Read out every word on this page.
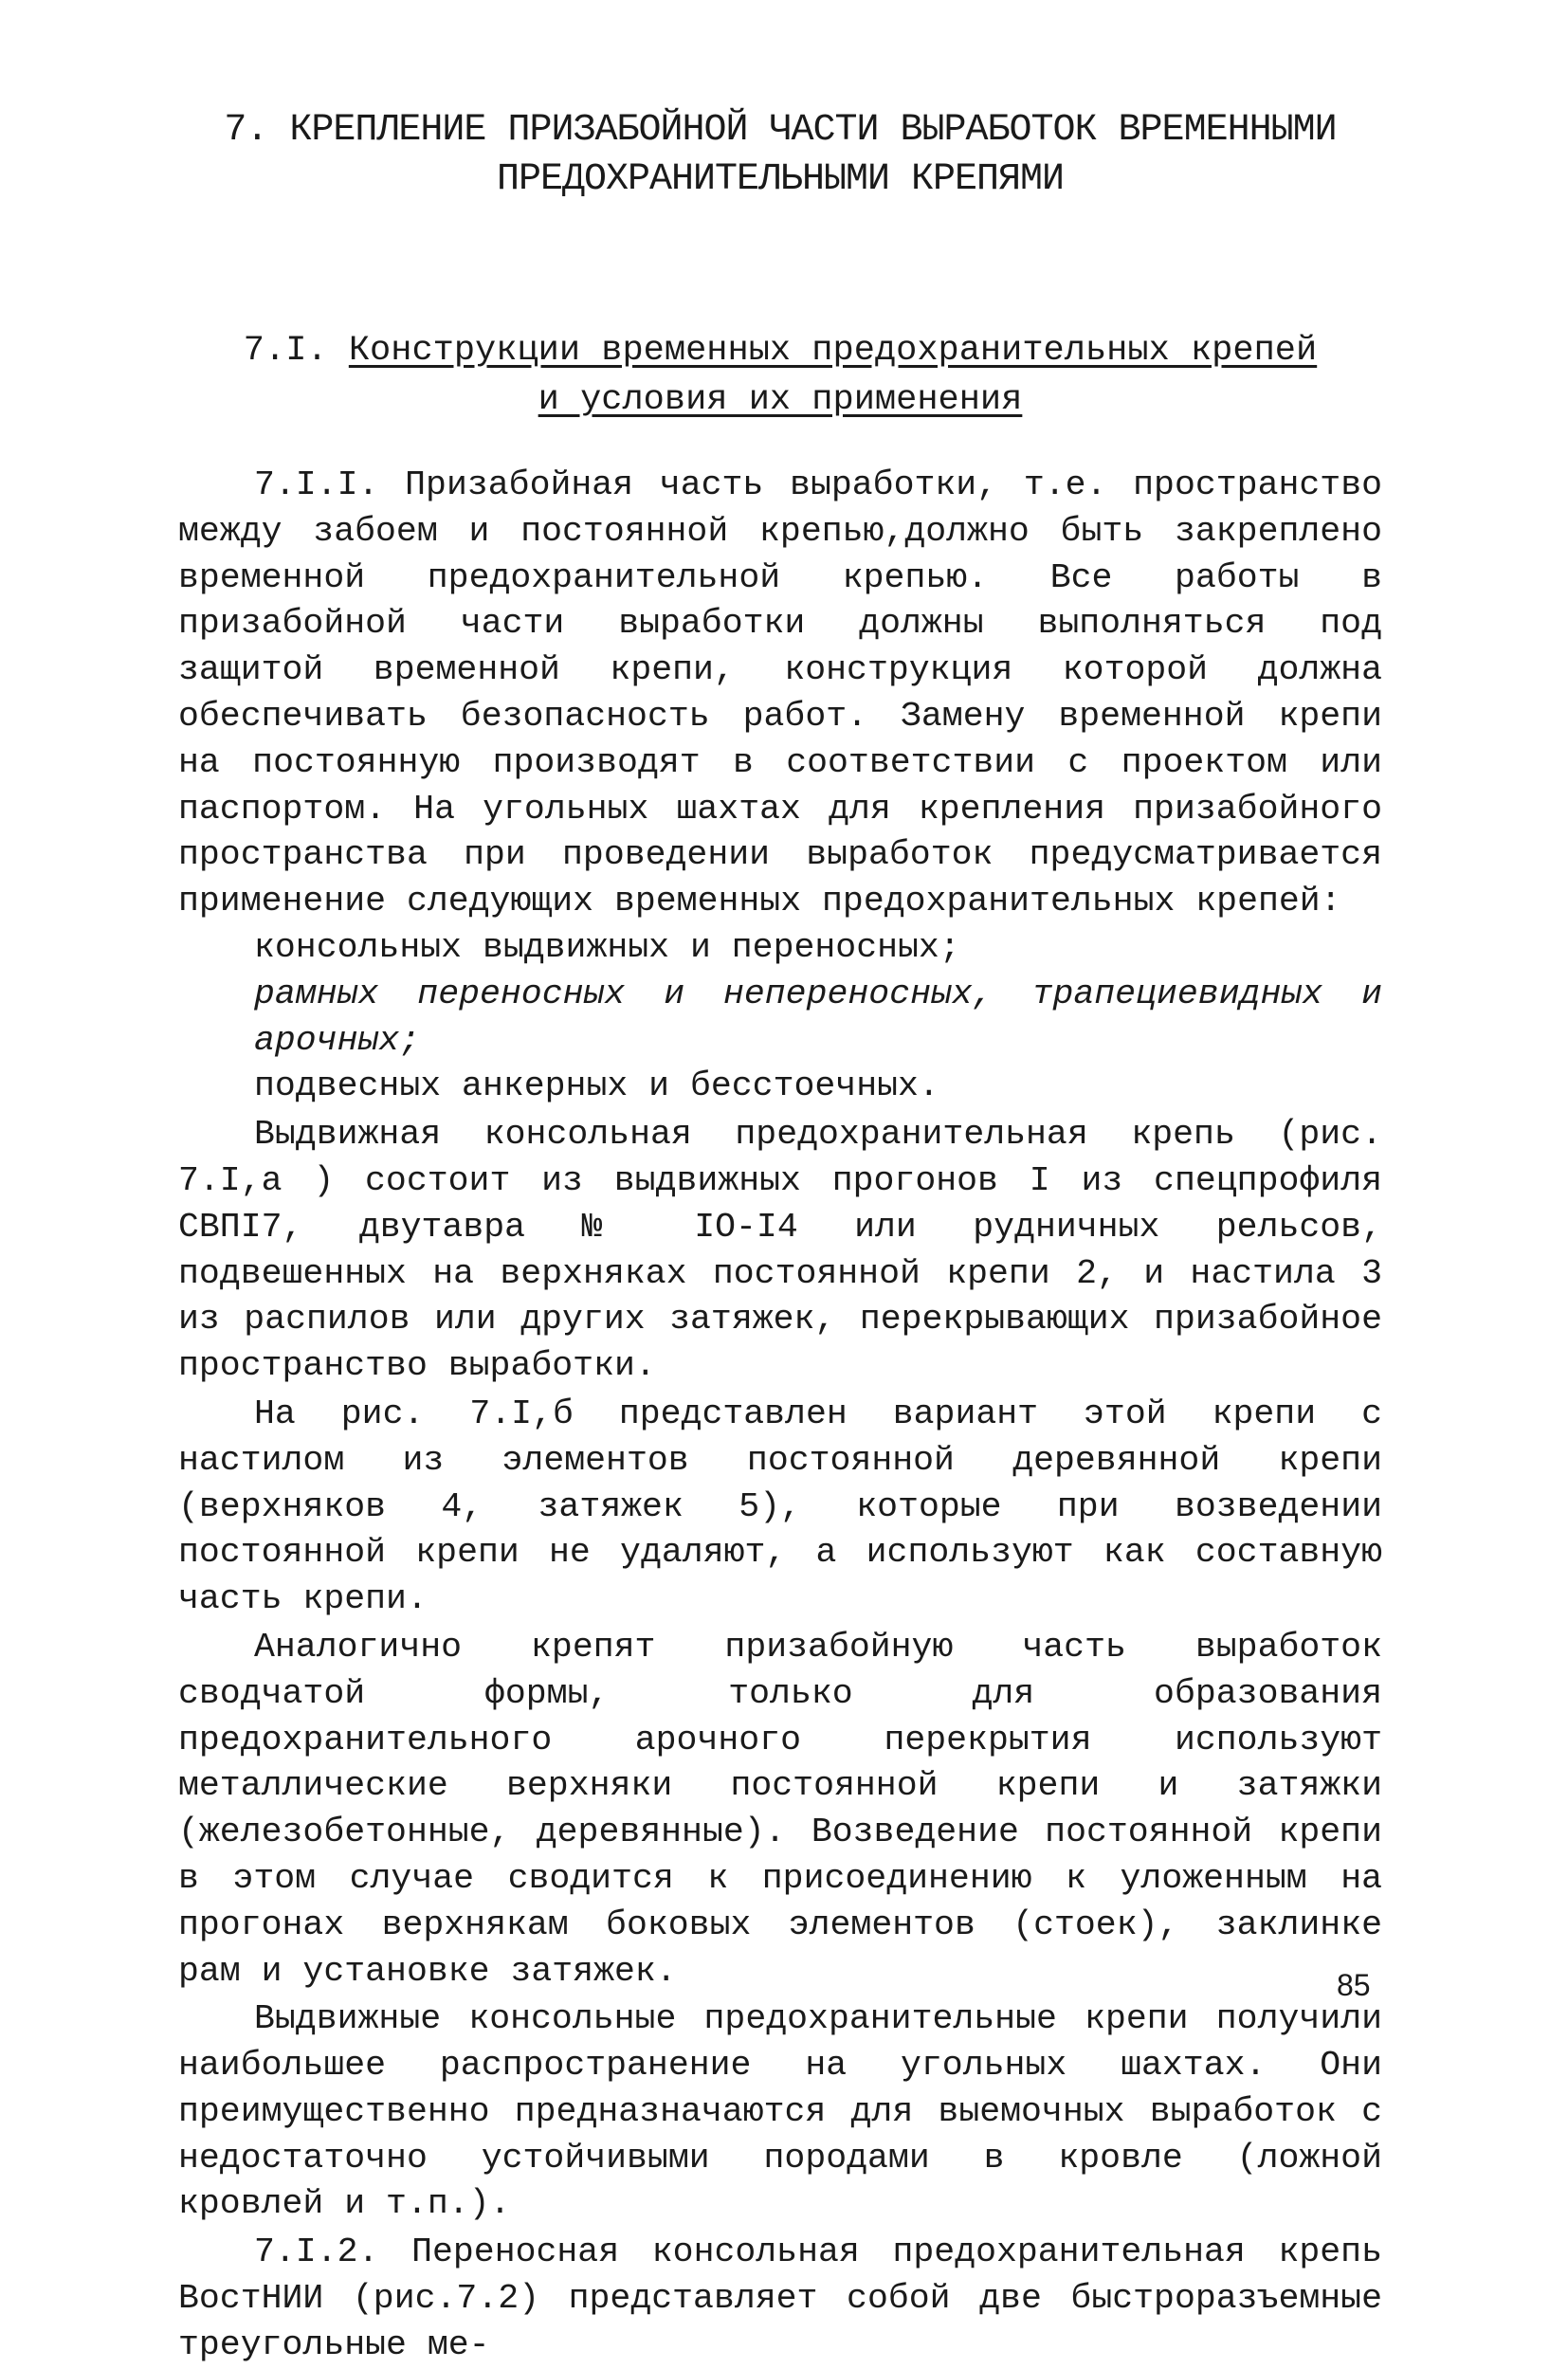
7. КРЕПЛЕНИЕ ПРИЗАБОЙНОЙ ЧАСТИ ВЫРАБОТОК ВРЕМЕННЫМИ
ПРЕДОХРАНИТЕЛЬНЫМИ КРЕПЯМИ
7.I. Конструкции временных предохранительных крепей
и условия их применения

7.I.I. Призабойная часть выработки, т.е. пространство между забоем и постоянной крепью,должно быть закреплено временной предохранительной крепью. Все работы в призабойной части выработки должны выполняться под защитой временной крепи, конструкция которой должна обеспечивать безопасность работ. Замену временной крепи на постоянную производят в соответствии с проектом или паспортом. На угольных шахтах для крепления призабойного пространства при проведении выработок предусматривается применение следующих временных предохранительных крепей:

консольных выдвижных и переносных;

рамных переносных и непереносных, трапециевидных и арочных;

подвесных анкерных и бесстоечных.

Выдвижная консольная предохранительная крепь (рис. 7.I,а ) состоит из выдвижных прогонов I из спецпрофиля СВПI7, двутавра № IO-I4 или рудничных рельсов, подвешенных на верхняках постоянной крепи 2, и настила 3 из распилов или других затяжек, перекрывающих призабойное пространство выработки.

На рис. 7.I,б представлен вариант этой крепи с настилом из элементов постоянной деревянной крепи (верхняков 4, затяжек 5), которые при возведении постоянной крепи не удаляют, а используют как составную часть крепи.

Аналогично крепят призабойную часть выработок сводчатой формы, только для образования предохранительного арочного перекрытия используют металлические верхняки постоянной крепи и затяжки (железобетонные, деревянные). Возведение постоянной крепи в этом случае сводится к присоединению к уложенным на прогонах верхнякам боковых элементов (стоек), заклинке рам и установке затяжек.

Выдвижные консольные предохранительные крепи получили наибольшее распространение на угольных шахтах. Они преимущественно предназначаются для выемочных выработок с недостаточно устойчивыми породами в кровле (ложной кровлей и т.п.).

7.I.2. Переносная консольная предохранительная крепь ВостНИИ (рис.7.2) представляет собой две быстроразъемные треугольные ме-

85
